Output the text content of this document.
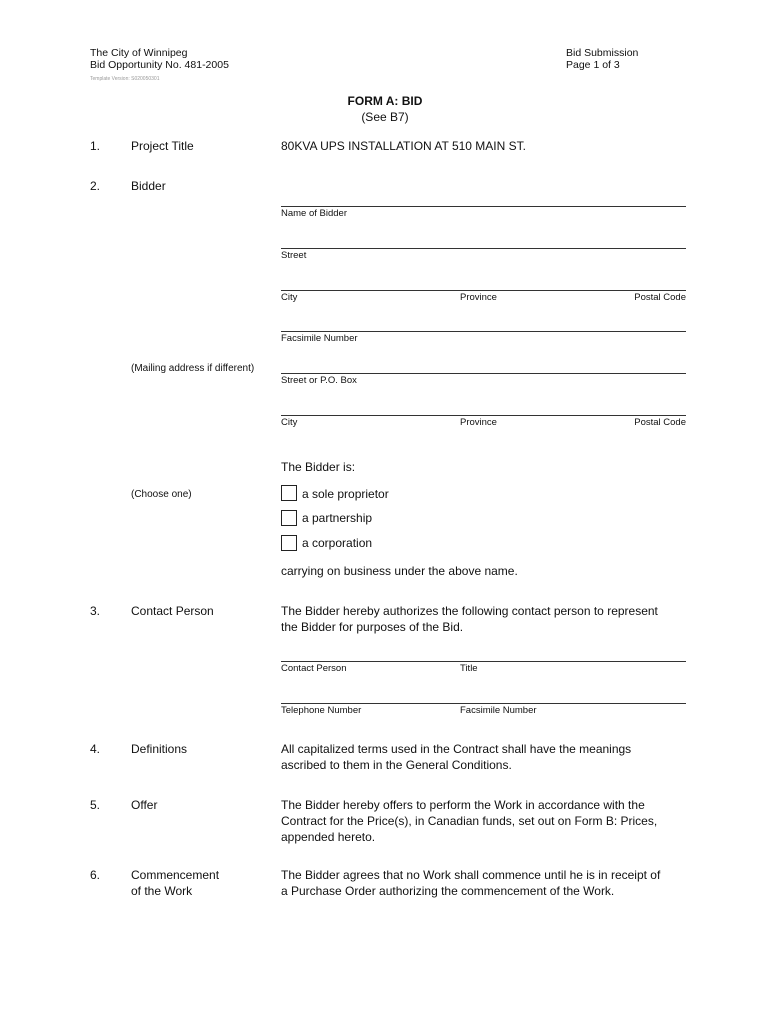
The City of Winnipeg
Bid Opportunity No. 481-2005
Template Version: S020050301
Bid Submission
Page 1 of 3
FORM A: BID
(See B7)
1.	Project Title	80KVA UPS INSTALLATION AT 510 MAIN ST.
2.	Bidder
Name of Bidder
Street
City	Province	Postal Code
Facsimile Number
(Mailing address if different)
Street or P.O. Box
City	Province	Postal Code
The Bidder is:
(Choose one)	a sole proprietor
a partnership
a corporation
carrying on business under the above name.
3.	Contact Person	The Bidder hereby authorizes the following contact person to represent
the Bidder for purposes of the Bid.
Contact Person	Title
Telephone Number	Facsimile Number
4.	Definitions	All capitalized terms used in the Contract shall have the meanings
ascribed to them in the General Conditions.
5.	Offer	The Bidder hereby offers to perform the Work in accordance with the
Contract for the Price(s), in Canadian funds, set out on Form B: Prices,
appended hereto.
6.	Commencement
of the Work
The Bidder agrees that no Work shall commence until he is in receipt of
a Purchase Order authorizing the commencement of the Work.
